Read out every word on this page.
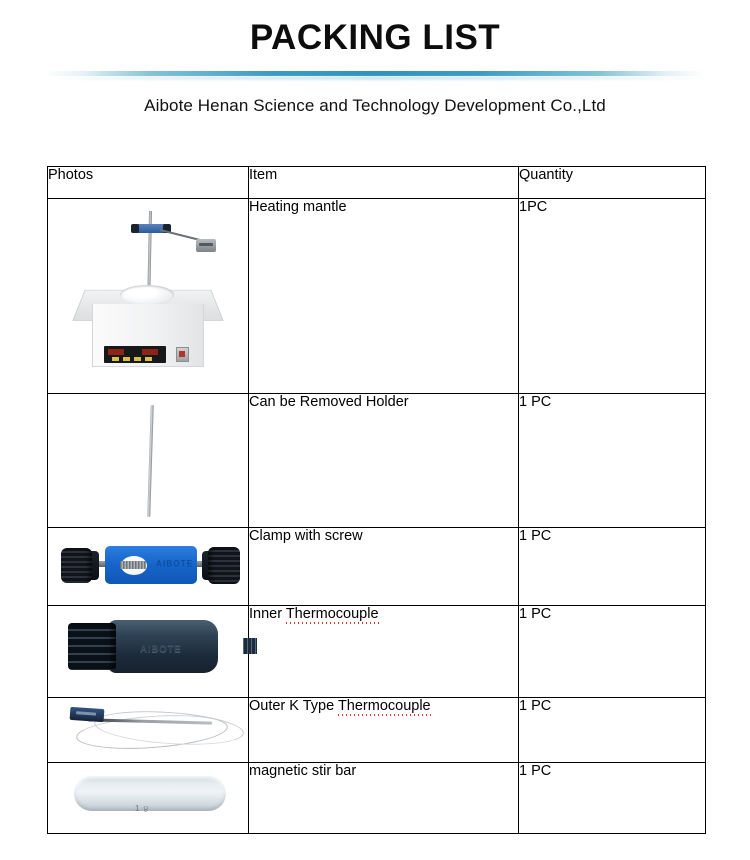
PACKING LIST
Aibote Henan Science and Technology Development Co.,Ltd
Photos	Item	Quantity

	Heating mantle	1PC

	Can be Removed Holder	1 PC

AIBOTE	Clamp with screw	1 PC

AIBOTE	Inner Thermocouple	1 PC

	Outer K Type Thermocouple	1 PC

1 ੪	magnetic stir bar	1 PC
